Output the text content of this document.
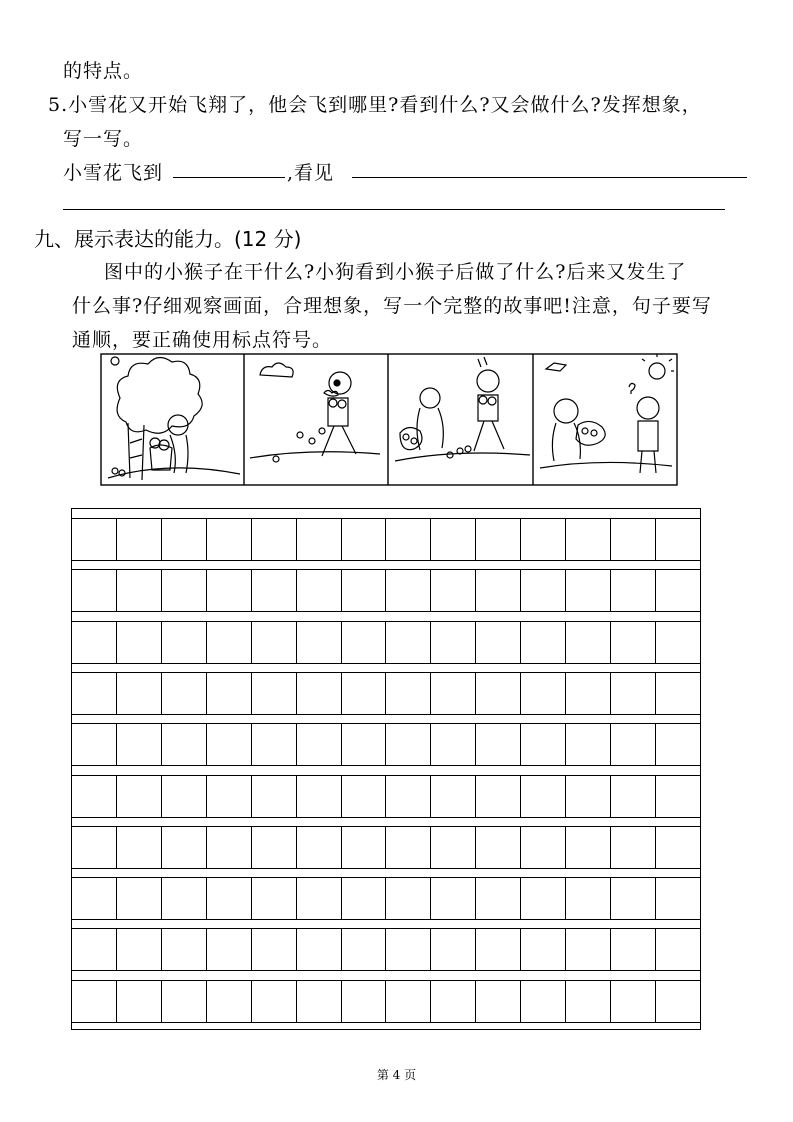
的特点。
5.小雪花又开始飞翔了，他会飞到哪里?看到什么?又会做什么?发挥想象，
写一写。
小雪花飞到	,看见
九、展示表达的能力。(12 分)
图中的小猴子在干什么?小狗看到小猴子后做了什么?后来又发生了
什么事?仔细观察画面，合理想象，写一个完整的故事吧!注意，句子要写
通顺，要正确使用标点符号。
第 4 页
